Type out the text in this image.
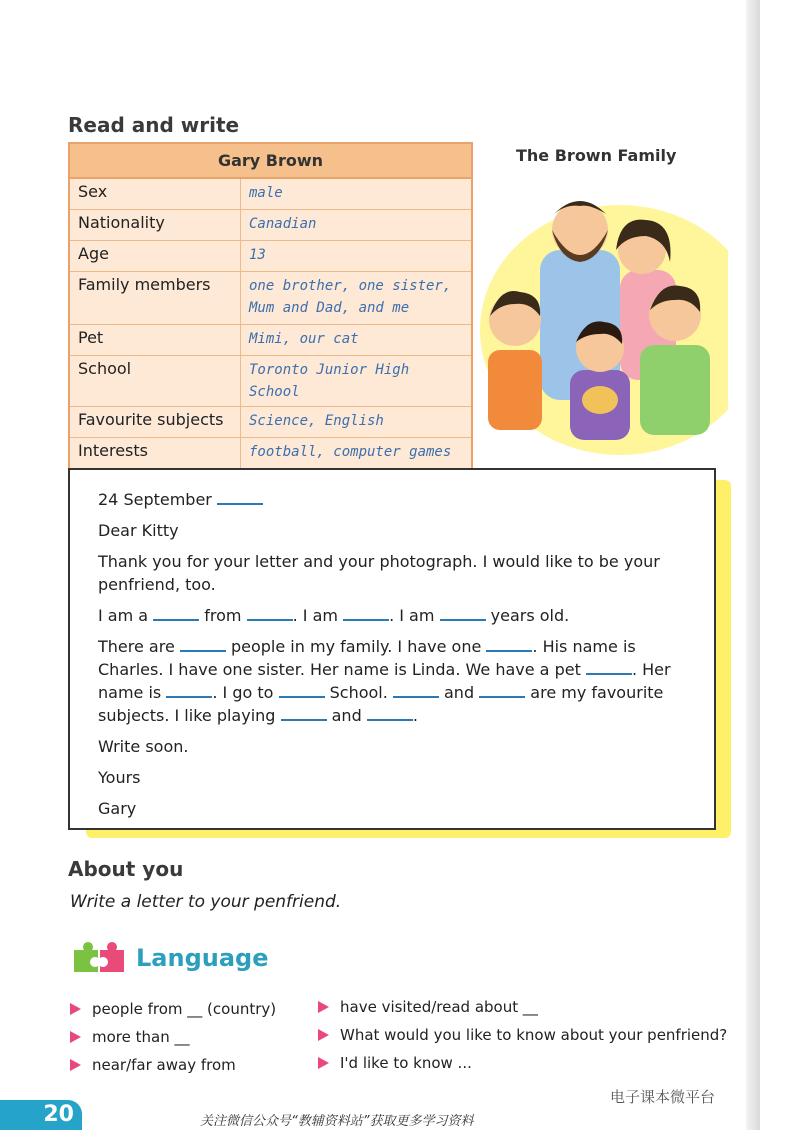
Read and write
Gary Brown	
Sex	male
Nationality	Canadian
Age	13
Family members	one brother, one sister, Mum and Dad, and me
Pet	Mimi, our cat
School	Toronto Junior High School
Favourite subjects	Science, English
Interests	football, computer games
The Brown Family

24 September

Dear Kitty

Thank you for your letter and your photograph. I would like to be your penfriend, too.

I am a	from	. I am	. I am	years old.

There are	people in my family. I have one	. His name is Charles. I have one sister. Her name is Linda. We have a pet	. Her name is	. I go to	School.	and	are my favourite subjects. I like playing	and	.

Write soon.

Yours

Gary

About you
Write a letter to your penfriend.
Language
people from __ (country)
more than __
near/far away from
have visited/read about __
What would you like to know about your penfriend?
I'd like to know ...
电子课本微平台
20	关注微信公众号“教辅资料站”获取更多学习资料
